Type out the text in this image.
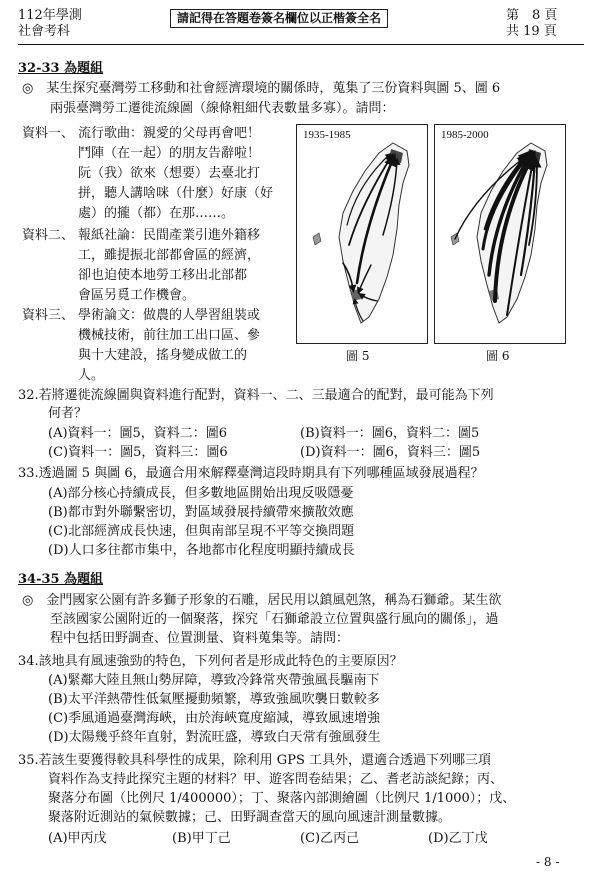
112年學測
社會考科
請記得在答題卷簽名欄位以正楷簽全名	第　8 頁
共 19 頁
32-33 為題組
◎　某生探究臺灣勞工移動和社會經濟環境的關係時，蒐集了三份資料與圖 5、圖 6
兩張臺灣勞工遷徙流線圖（線條粗細代表數量多寡）。請問：
資料一、 流行歌曲：親愛的父母再會吧！
鬥陣（在一起）的朋友告辭啦！
阮（我）欲來（想要）去臺北打
拼，聽人講啥咪（什麼）好康（好
處）的攏（都）在那……。
資料二、 報紙社論：民間產業引進外籍移
工，雖提振北部都會區的經濟，
卻也迫使本地勞工移出北部都
會區另覓工作機會。
資料三、 學術論文：做農的人學習組裝或
機械技術，前往加工出口區、參
與十大建設，搖身變成做工的
人。
1935-1985
圖 5
1985-2000
圖 6
32.若將遷徙流線圖與資料進行配對，資料一、二、三最適合的配對，最可能為下列
何者？
(A)資料一：圖5，資料二：圖6	(B)資料一：圖6，資料二：圖5
(C)資料一：圖5，資料三：圖6	(D)資料一：圖6，資料三：圖5
33.透過圖 5 與圖 6，最適合用來解釋臺灣這段時期具有下列哪種區域發展過程？
(A)部分核心持續成長，但多數地區開始出現反吸隱憂
(B)都市對外聯繫密切，對區域發展持續帶來擴散效應
(C)北部經濟成長快速，但與南部呈現不平等交換問題
(D)人口多往都市集中，各地都市化程度明顯持續成長
34-35 為題組
◎　金門國家公園有許多獅子形象的石雕，居民用以鎮風剋煞，稱為石獅爺。某生欲
至該國家公園附近的一個聚落，探究「石獅爺設立位置與盛行風向的關係」，過
程中包括田野調查、位置測量、資料蒐集等。請問：
34.該地具有風速強勁的特色，下列何者是形成此特色的主要原因？
(A)緊鄰大陸且無山勢屏障，導致冷鋒常夾帶強風長驅南下
(B)太平洋熱帶性低氣壓擾動頻繁，導致強風吹襲日數較多
(C)季風通過臺灣海峽，由於海峽寬度縮減，導致風速增強
(D)太陽幾乎終年直射，對流旺盛，導致白天常有強風發生
35.若該生要獲得較具科學性的成果，除利用 GPS 工具外，還適合透過下列哪三項
資料作為支持此探究主題的材料？甲、遊客問卷結果；乙、耆老訪談紀錄；丙、
聚落分布圖（比例尺 1/400000）；丁、聚落內部測繪圖（比例尺 1/1000）；戊、
聚落附近測站的氣候數據；己、田野調查當天的風向風速計測量數據。
(A)甲丙戊	(B)甲丁己	(C)乙丙己	(D)乙丁戊
- 8 -
